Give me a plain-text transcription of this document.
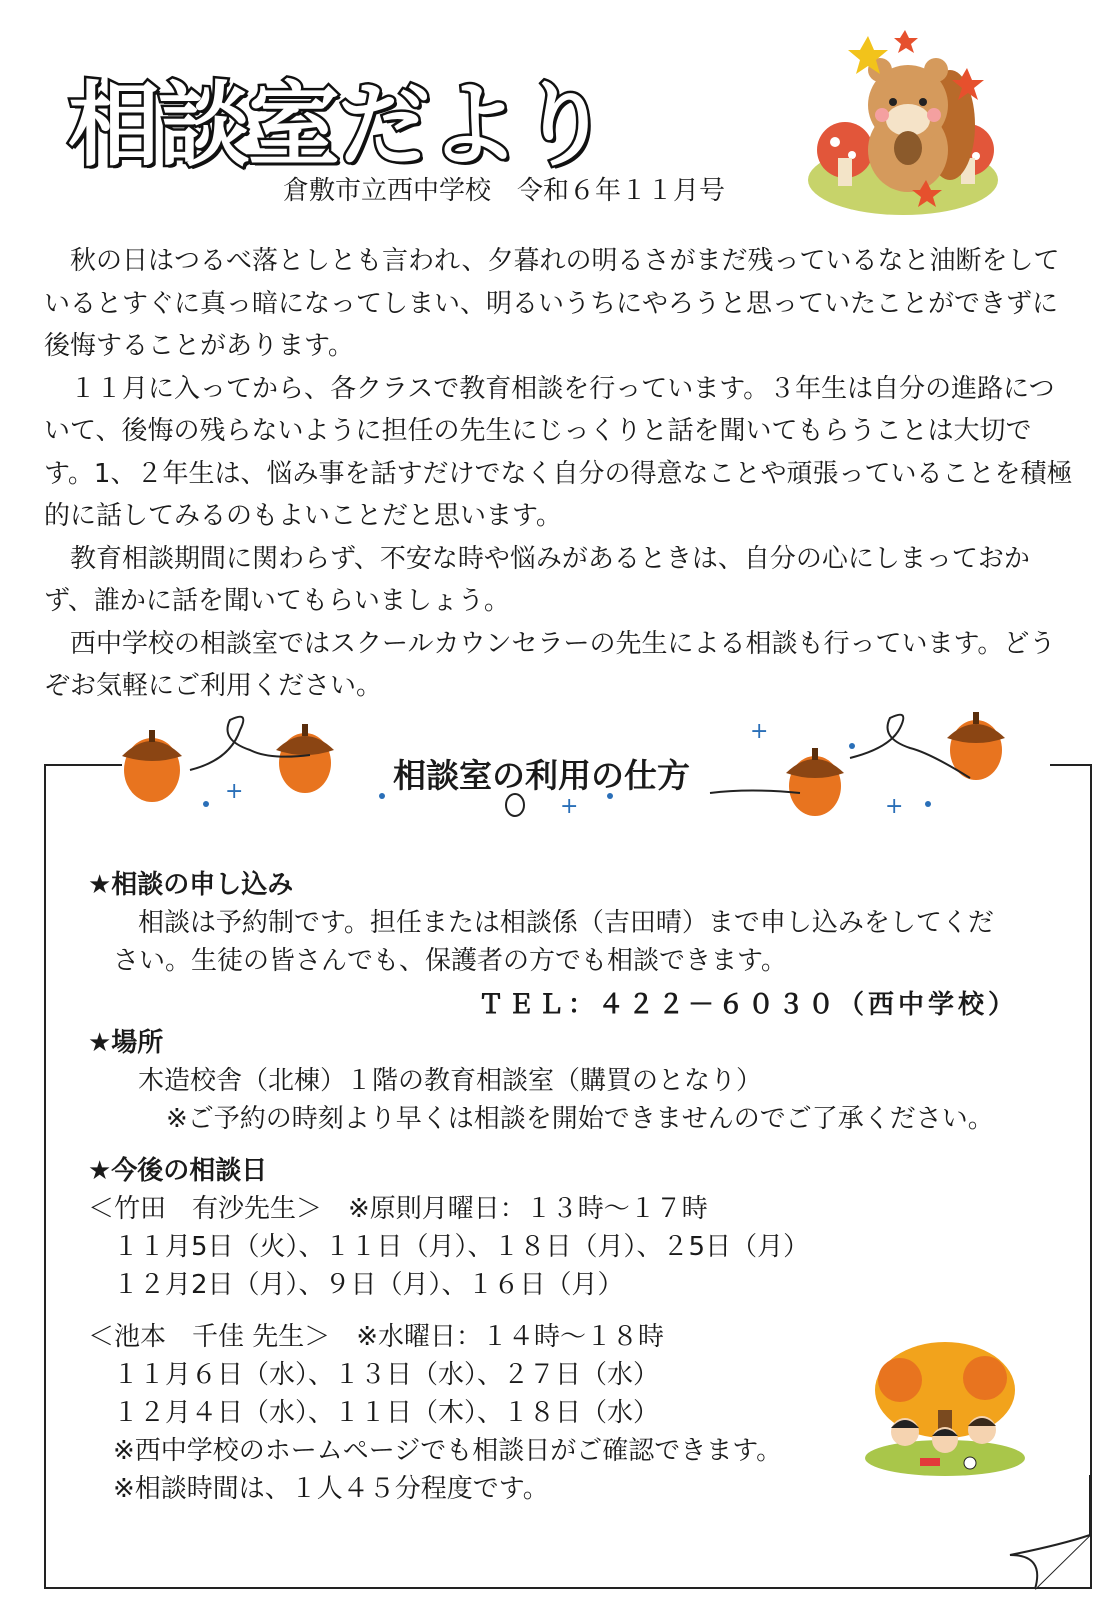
相談室だより
倉敷市立西中学校　令和６年１１月号

秋の日はつるべ落としとも言われ、夕暮れの明るさがまだ残っているなと油断をしているとすぐに真っ暗になってしまい、明るいうちにやろうと思っていたことができずに後悔することがあります。

１１月に入ってから、各クラスで教育相談を行っています。３年生は自分の進路について、後悔の残らないように担任の先生にじっくりと話を聞いてもらうことは大切です。1、２年生は、悩み事を話すだけでなく自分の得意なことや頑張っていることを積極的に話してみるのもよいことだと思います。

教育相談期間に関わらず、不安な時や悩みがあるときは、自分の心にしまっておかず、誰かに話を聞いてもらいましょう。

西中学校の相談室ではスクールカウンセラーの先生による相談も行っています。どうぞお気軽にご利用ください。

+
+
+
+
相談室の利用の仕方

★相談の申し込み

相談は予約制です。担任または相談係（吉田晴）まで申し込みをしてくだ

さい。生徒の皆さんでも、保護者の方でも相談できます。

ＴＥＬ：４２２－６０３０（西中学校）

★場所

木造校舎（北棟）１階の教育相談室（購買のとなり）

※ご予約の時刻より早くは相談を開始できませんのでご了承ください。

★今後の相談日

＜竹田　有沙先生＞　※原則月曜日：１３時～１７時

１１月5日（火）、１１日（月）、１８日（月）、２5日（月）

１２月2日（月）、９日（月）、１６日（月）

＜池本　千佳 先生＞　※水曜日：１４時～１８時

１１月６日（水）、１３日（水）、２７日（水）

１２月４日（水）、１１日（木）、１８日（水）

※西中学校のホームページでも相談日がご確認できます。

※相談時間は、１人４５分程度です。
